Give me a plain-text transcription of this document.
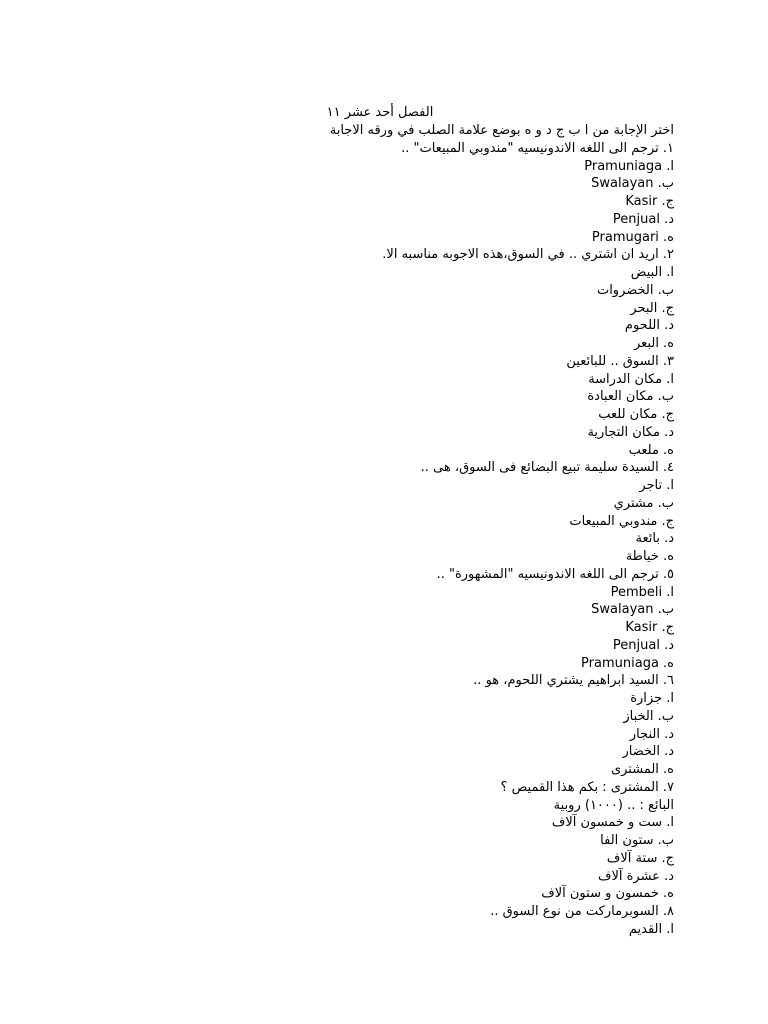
الفصل أحد عشر ١١
اختر الإجابة من ا ب ج د و ه بوضع علامة الصلب في ورقه الاجابة
١. ترجم الى اللغه الاندونيسيه "مندوبي المبيعات" ..
ا. Pramuniaga
ب. Swalayan
ج. Kasir
د. Penjual
ه. Pramugari
٢. اريد ان اشتري .. في السوق،هذه الاجوبه مناسبه الا.
ا. البيض
ب. الخضروات
ج. البحر
د. اللحوم
ه. البعر
٣. السوق .. للبائعين
ا. مكان الدراسة
ب. مكان العبادة
ج. مكان للعب
د. مكان التجارية
ه. ملعب
٤. السيدة سليمة تبيع البضائع فى السوق، هى ..
ا. تاجر
ب. مشتري
ج. مندوبي المبيعات
د. بائعة
ه. خياطة
٥. ترجم الى اللغه الاندونيسيه "المشهورة" ..
ا. Pembeli
ب. Swalayan
ج. Kasir
د. Penjual
ه. Pramuniaga
٦. السيد ابراهيم يشتري اللحوم، هو ..
ا. جزارة
ب. الخباز
د. النجار
د. الخضار
ه. المشترى
٧. المشترى : بكم هذا القميص ؟
البائع : .. (١٠٠٠) روبية
ا. ست و خمسون آلاف
ب. ستون الفا
ج. ستة آلاف
د. عشرة آلاف
ه. خمسون و ستون آلاف
٨. السوبرماركت من نوع السوق ..
ا. القديم
